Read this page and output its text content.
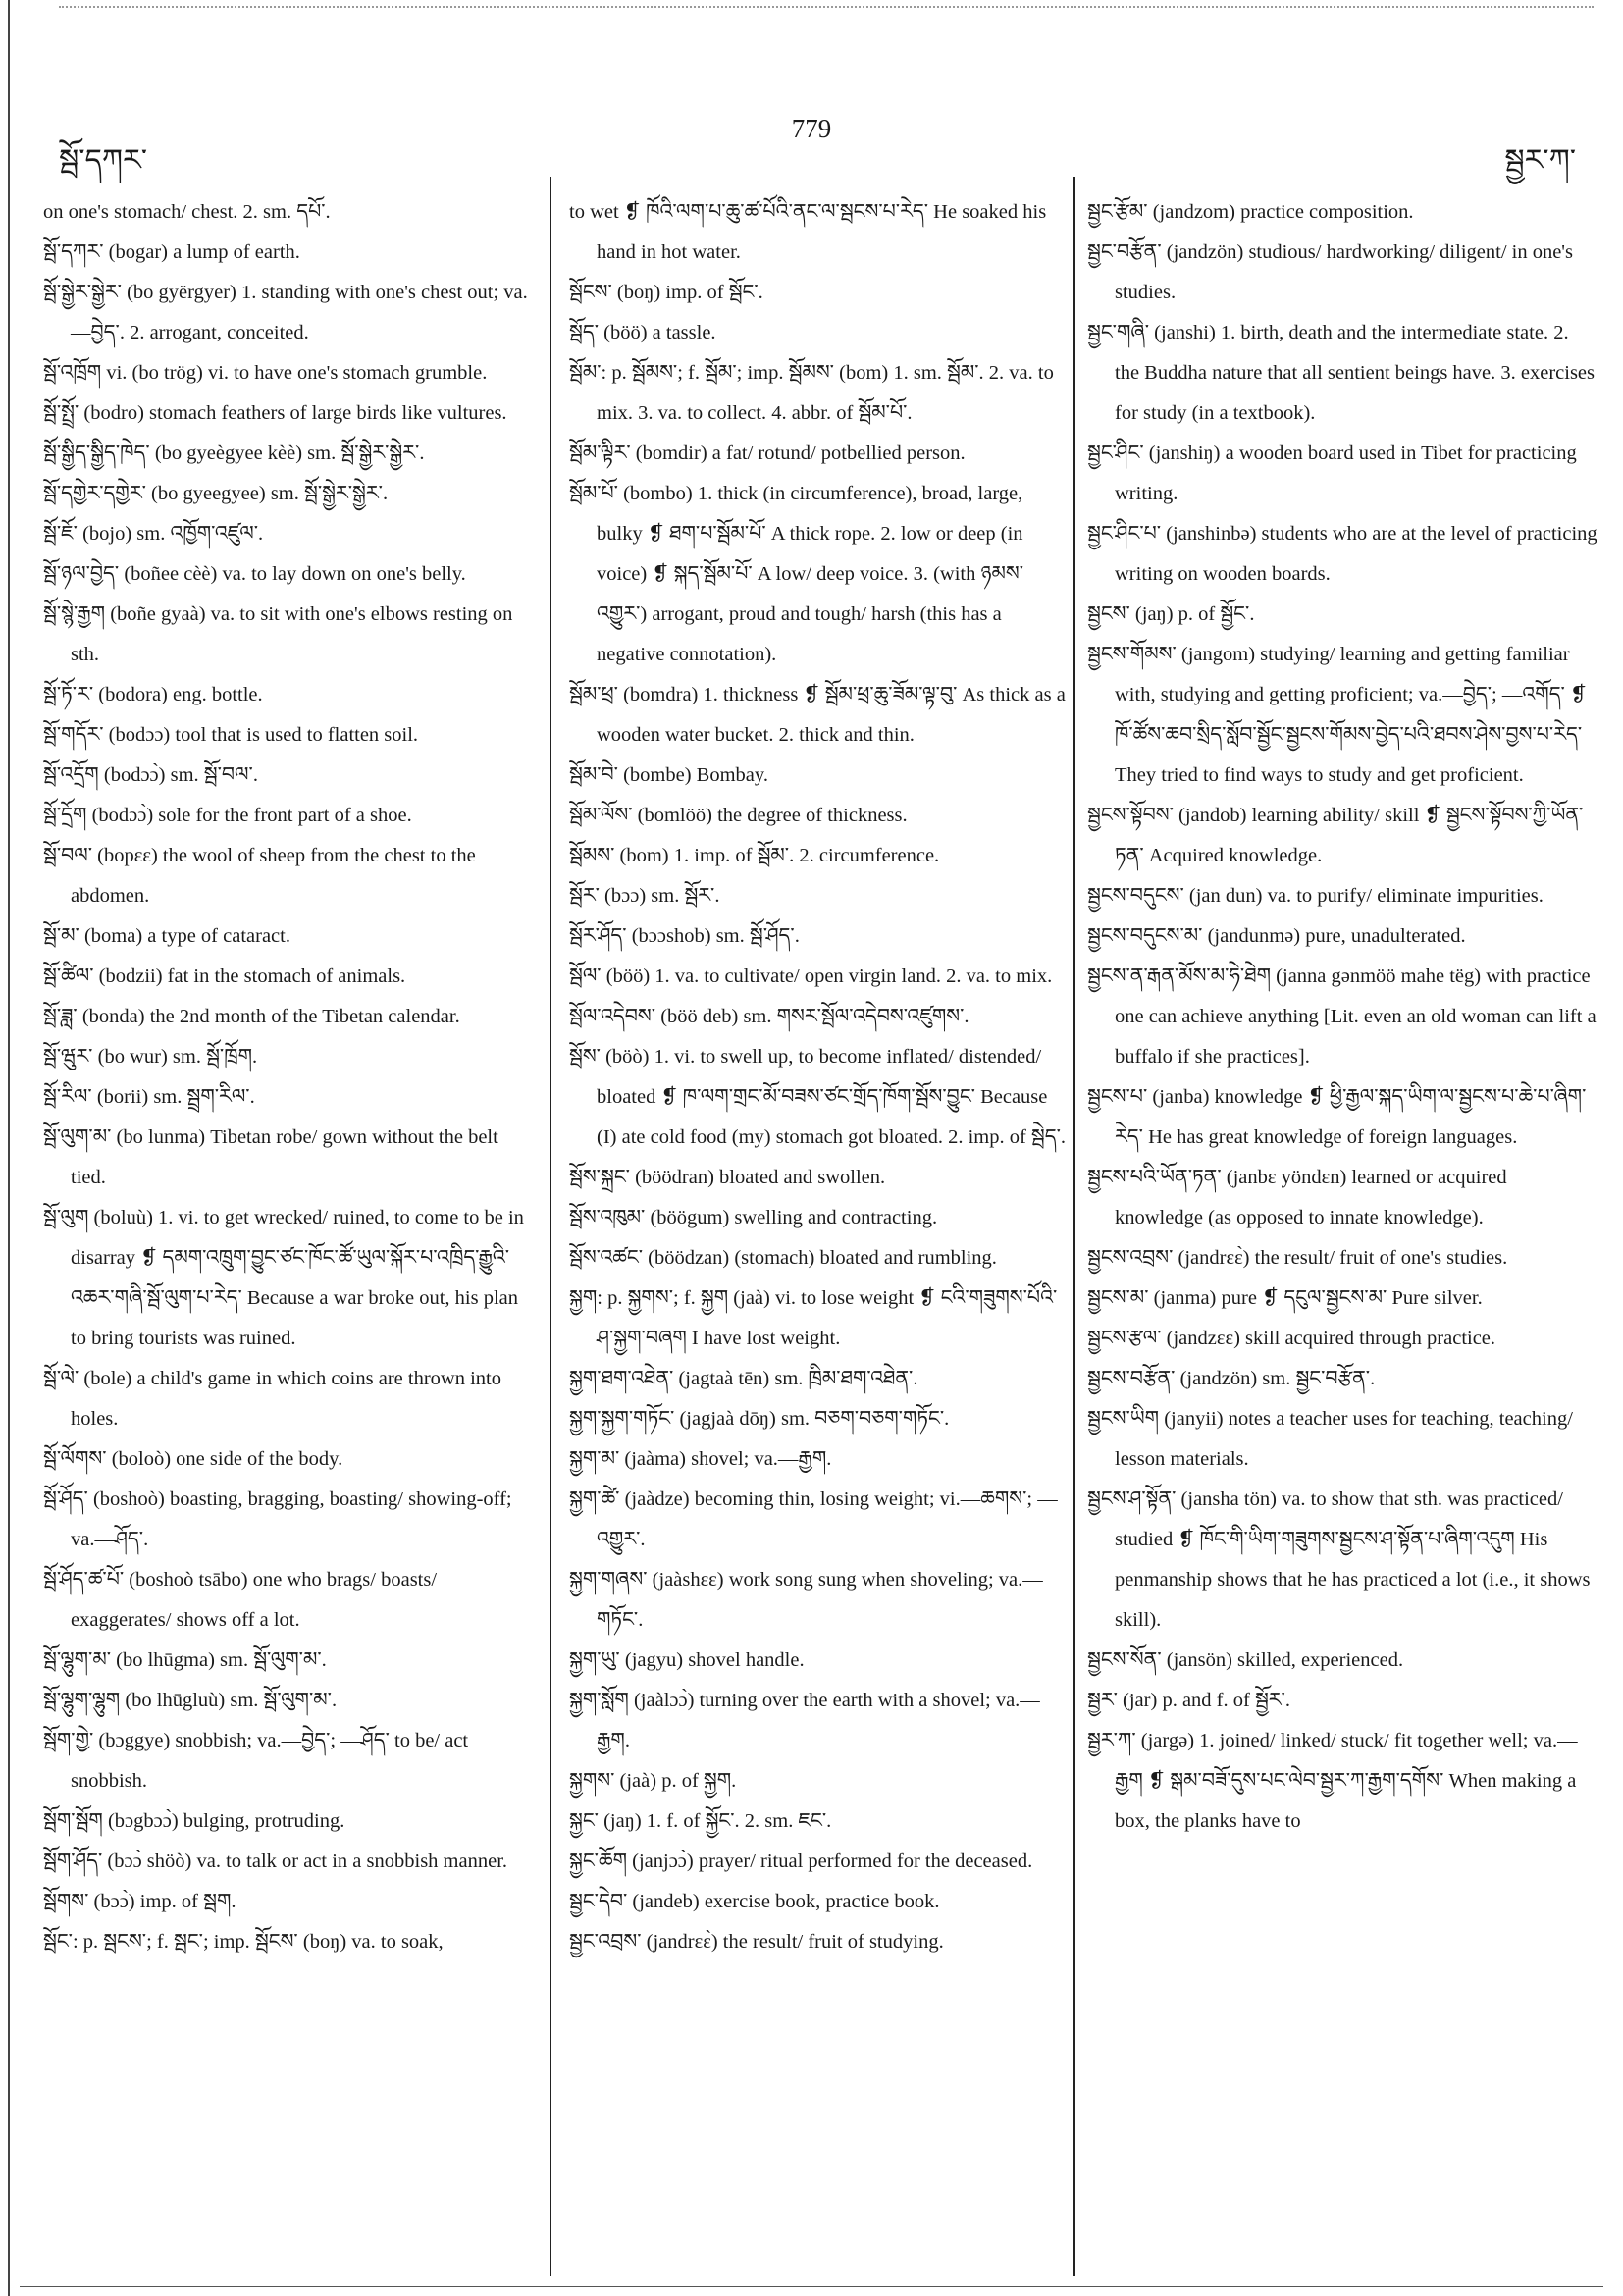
སྦོ་དཀར་
779
སྦྱར་ཀ་

on one's stomach/ chest. 2. sm. དཔོ་.

སྦོ་དཀར་ (bogar) a lump of earth.

སྦོ་སྒྱེར་སྒྱེར་ (bo gyërgyer) 1. standing with one's chest out; va.—བྱེད་. 2. arrogant, conceited.

སྦོ་འཁྲོག vi. (bo trög) vi. to have one's stomach grumble.

སྦོ་སྤྲོ་ (bodro) stomach feathers of large birds like vultures.

སྦོ་སྒྱིད་སྒྱིད་ཁེད་ (bo gyeègyee kèè) sm. སྦོ་སྒྱེར་སྒྱེར་.

སྦོ་དགྱེར་དགྱེར་ (bo gyeegyee) sm. སྦོ་སྒྱེར་སྒྱེར་.

སྦོ་ཇོ་ (bojo) sm. འཁྱོག་འཛུལ་.

སྦོ་ཉལ་བྱེད་ (boñee cèè) va. to lay down on one's belly.

སྦོ་སྙེ་རྒྱག (boñe gyaà) va. to sit with one's elbows resting on sth.

སྦོ་ཏོ་ར་ (bodora) eng. bottle.

སྦོ་གདོར་ (bodɔɔ) tool that is used to flatten soil.

སྦོ་འདྲོག (bodɔɔ̀) sm. སྦོ་བལ་.

སྦོ་དྲོག (bodɔɔ̀) sole for the front part of a shoe.

སྦོ་བལ་ (bopɛɛ) the wool of sheep from the chest to the abdomen.

སྦོ་མ་ (boma) a type of cataract.

སྦོ་ཚིལ་ (bodzii) fat in the stomach of animals.

སྦོ་ཟླ་ (bonda) the 2nd month of the Tibetan calendar.

སྦོ་ཝུར་ (bo wur) sm. སྦོ་ཁྲོག.

སྦོ་རིལ་ (borii) sm. སྦྲག་རིལ་.

སྦོ་ལུག་མ་ (bo lunma) Tibetan robe/ gown without the belt tied.

སྦོ་ལུག (boluù) 1. vi. to get wrecked/ ruined, to come to be in disarray ❡ དམག་འཁྲུག་བྱུང་ཙང་ཁོང་ཚོ་ཡུལ་སྐོར་པ་འཁྲིད་རྒྱུའི་འཆར་གཞི་སྦོ་ལུག་པ་རེད་ Because a war broke out, his plan to bring tourists was ruined.

སྦོ་ལེ་ (bole) a child's game in which coins are thrown into holes.

སྦོ་ལོགས་ (boloò) one side of the body.

སྦོ་ཤོད་ (boshoò) boasting, bragging, boasting/ showing-off; va.—ཤོད་.

སྦོ་ཤོད་ཚ་པོ་ (boshoò tsābo) one who brags/ boasts/ exaggerates/ shows off a lot.

སྦོ་ལྷུག་མ་ (bo lhūgma) sm. སྦོ་ལུག་མ་.

སྦོ་ལྷུག་ལྷུག (bo lhūgluù) sm. སྦོ་ལུག་མ་.

སྦོག་གྱེ་ (bɔggye) snobbish; va.—བྱེད་; —ཤོད་ to be/ act snobbish.

སྦོག་སྦོག (bɔgbɔɔ̀) bulging, protruding.

སྦོག་ཤོད་ (bɔɔ̀ shöò) va. to talk or act in a snobbish manner.

སྦོགས་ (bɔɔ̀) imp. of སྦག.

སྦོང་: p. སྦངས་; f. སྦང་; imp. སྦོངས་ (boŋ) va. to soak,

to wet ❡ ཁོའི་ལག་པ་ཆུ་ཚ་པོའི་ནང་ལ་སྦངས་པ་རེད་ He soaked his hand in hot water.

སྦོངས་ (boŋ) imp. of སྦོང་.

སྦོད་ (böö) a tassle.

སྦོམ་: p. སྦོམས་; f. སྦོམ་; imp. སྦོམས་ (bom) 1. sm. སྦོམ་. 2. va. to mix. 3. va. to collect. 4. abbr. of སྦོམ་པོ་.

སྦོམ་ལྟིར་ (bomdir) a fat/ rotund/ potbellied person.

སྦོམ་པོ་ (bombo) 1. thick (in circumference), broad, large, bulky ❡ ཐག་པ་སྦོམ་པོ་ A thick rope. 2. low or deep (in voice) ❡ སྐད་སྦོམ་པོ་ A low/ deep voice. 3. (with ཉམས་འགྱུར་) arrogant, proud and tough/ harsh (this has a negative connotation).

སྦོམ་ཕྲ་ (bomdra) 1. thickness ❡ སྦོམ་ཕྲ་ཆུ་ཟོམ་ལྟ་བུ་ As thick as a wooden water bucket. 2. thick and thin.

སྦོམ་བེ་ (bombe) Bombay.

སྦོམ་ལོས་ (bomlöö) the degree of thickness.

སྦོམས་ (bom) 1. imp. of སྦོམ་. 2. circumference.

སྦོར་ (bɔɔ) sm. སྦོར་.

སྦོར་ཤོད་ (bɔɔshob) sm. སྦོ་ཤོད་.

སྦོལ་ (böö) 1. va. to cultivate/ open virgin land. 2. va. to mix.

སྦོལ་འདེབས་ (böö deb) sm. གསར་སྦོལ་འདེབས་འཛུགས་.

སྦོས་ (böò) 1. vi. to swell up, to become inflated/ distended/ bloated ❡ ཁ་ལག་གྲང་མོ་བཟས་ཙང་གྲོད་ཁོག་སྦོས་བྱུང་ Because (I) ate cold food (my) stomach got bloated. 2. imp. of སྦེད་.

སྦོས་སྐྲང་ (böödran) bloated and swollen.

སྦོས་འཁུམ་ (böögum) swelling and contracting.

སྦོས་འཚང་ (böödzan) (stomach) bloated and rumbling.

སྐྱག: p. སྐྱགས་; f. སྐྱག (jaà) vi. to lose weight ❡ ངའི་གཟུགས་པོའི་ཤ་སྐྱག་བཞག I have lost weight.

སྐྱག་ཐག་འཐེན་ (jagtaà tēn) sm. ཁྲིམ་ཐག་འཐེན་.

སྐྱག་སྐྱག་གཏོང་ (jagjaà dōŋ) sm. བཅག་བཅག་གཏོང་.

སྐྱག་མ་ (jaàma) shovel; va.—རྒྱག.

སྐྱག་ཚེ་ (jaàdze) becoming thin, losing weight; vi.—ཆགས་; —འགྱུར་.

སྐྱག་གཞས་ (jaàshɛɛ) work song sung when shoveling; va.—གཏོང་.

སྐྱག་ཡུ་ (jagyu) shovel handle.

སྐྱག་སློག (jaàlɔɔ̀) turning over the earth with a shovel; va.—རྒྱག.

སྐྱགས་ (jaà) p. of སྐྱག.

སྐྱང་ (jaŋ) 1. f. of སྐྱོང་. 2. sm. ཇང་.

སྐྱང་ཆོག (janjɔɔ̀) prayer/ ritual performed for the deceased.

སྦྱང་དེབ་ (jandeb) exercise book, practice book.

སྦྱང་འབྲས་ (jandrɛɛ̀) the result/ fruit of studying.

སྦྱང་རྩོམ་ (jandzom) practice composition.

སྦྱང་བརྩོན་ (jandzön) studious/ hardworking/ diligent/ in one's studies.

སྦྱང་གཞི་ (janshi) 1. birth, death and the intermediate state. 2. the Buddha nature that all sentient beings have. 3. exercises for study (in a textbook).

སྦྱང་ཤིང་ (janshiŋ) a wooden board used in Tibet for practicing writing.

སྦྱང་ཤིང་པ་ (janshinbə) students who are at the level of practicing writing on wooden boards.

སྦྱངས་ (jaŋ) p. of སྦྱོང་.

སྦྱངས་གོམས་ (jangom) studying/ learning and getting familiar with, studying and getting proficient; va.—བྱེད་; —འགོད་ ❡ ཁོ་ཚོས་ཆབ་སྲིད་སློབ་སྦྱོང་སྦྱངས་གོམས་བྱེད་པའི་ཐབས་ཤེས་བྱས་པ་རེད་ They tried to find ways to study and get proficient.

སྦྱངས་སྟོབས་ (jandob) learning ability/ skill ❡ སྦྱངས་སྟོབས་ཀྱི་ཡོན་ཏན་ Acquired knowledge.

སྦྱངས་བདུངས་ (jan dun) va. to purify/ eliminate impurities.

སྦྱངས་བདུངས་མ་ (jandunmə) pure, unadulterated.

སྦྱངས་ན་རྒན་མོས་མ་ཧེ་ཐེག (janna gənmöö mahe tëg) with practice one can achieve anything [Lit. even an old woman can lift a buffalo if she practices].

སྦྱངས་པ་ (janba) knowledge ❡ ཕྱི་རྒྱལ་སྐད་ཡིག་ལ་སྦྱངས་པ་ཆེ་པ་ཞིག་རེད་ He has great knowledge of foreign languages.

སྦྱངས་པའི་ཡོན་ཏན་ (janbɛ yöndɛn) learned or acquired knowledge (as opposed to innate knowledge).

སྦྱངས་འབྲས་ (jandrɛɛ̀) the result/ fruit of one's studies.

སྦྱངས་མ་ (janma) pure ❡ དངུལ་སྦྱངས་མ་ Pure silver.

སྦྱངས་རྩལ་ (jandzɛɛ) skill acquired through practice.

སྦྱངས་བརྩོན་ (jandzön) sm. སྦྱང་བརྩོན་.

སྦྱངས་ཡིག (janyii) notes a teacher uses for teaching, teaching/ lesson materials.

སྦྱངས་ཤ་སྟོན་ (jansha tön) va. to show that sth. was practiced/ studied ❡ ཁོང་གི་ཡིག་གཟུགས་སྦྱངས་ཤ་སྟོན་པ་ཞིག་འདུག His penmanship shows that he has practiced a lot (i.e., it shows skill).

སྦྱངས་སོན་ (jansön) skilled, experienced.

སྦྱར་ (jar) p. and f. of སྦྱོར་.

སྦྱར་ཀ་ (jargə) 1. joined/ linked/ stuck/ fit together well; va.—རྒྱག ❡ སྒམ་བཟོ་དུས་པང་ལེབ་སྦྱར་ཀ་རྒྱག་དགོས་ When making a box, the planks have to
